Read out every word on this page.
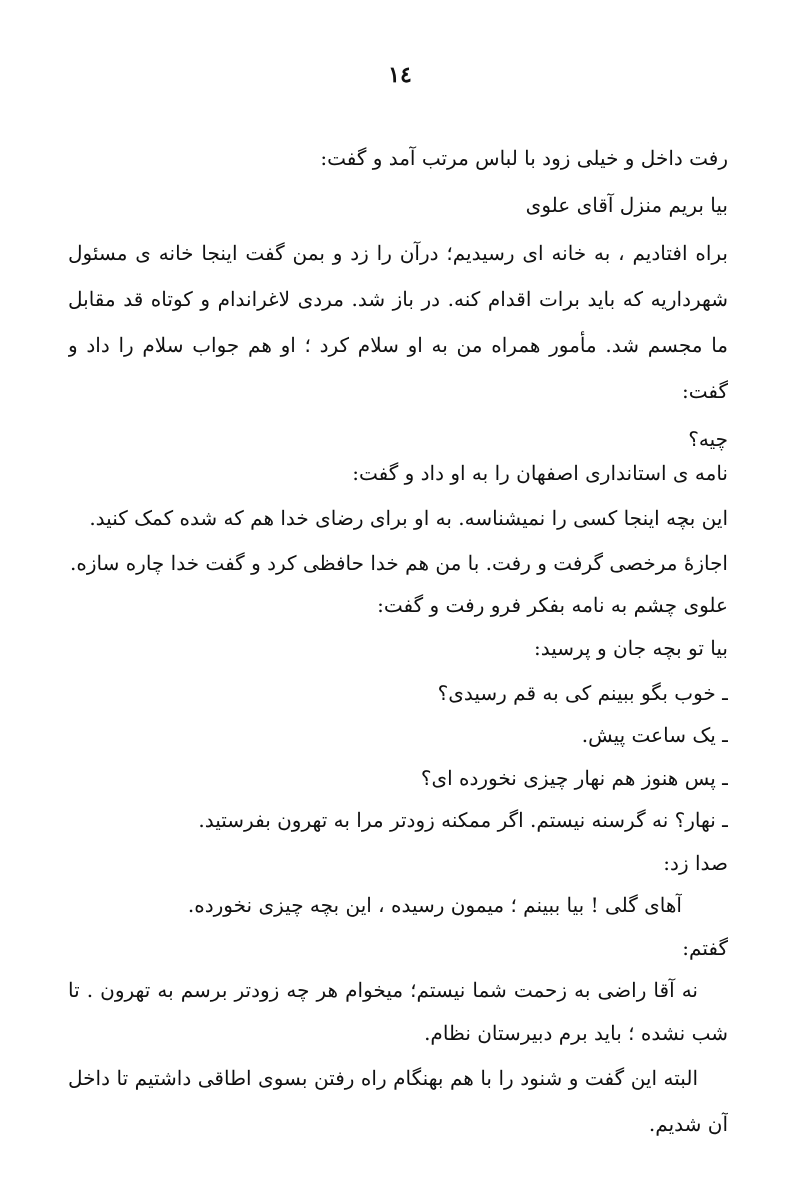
١٤
رفت داخل و خیلی زود با لباس مرتب آمد و گفت:
بیا بریم منزل آقای علوی
براه افتادیم ، به خانه ای رسیدیم؛ درآن را زد و بمن گفت اینجا خانه ی مسئول
شهرداریه که باید برات اقدام کنه. در باز شد. مردی لاغراندام و کوتاه قد مقابل
ما مجسم شد. مأمور همراه من به او سلام کرد ؛ او هم جواب سلام را داد و
گفت:
چیه؟
نامه ی استانداری اصفهان را به او داد و گفت:
این بچه اینجا کسی را نمیشناسه. به او برای رضای خدا هم که شده کمک کنید.
اجازهٔ مرخصی گرفت و رفت. با من هم خدا حافظی کرد و گفت خدا چاره سازه.
علوی چشم به نامه بفکر فرو رفت و گفت:
بیا تو بچه جان و پرسید:
ـ خوب بگو ببینم کی به قم رسیدی؟
ـ یک ساعت پیش.
ـ پس هنوز هم نهار چیزی نخورده ای؟
ـ نهار؟ نه گرسنه نیستم. اگر ممکنه زودتر مرا به تهرون بفرستید.
صدا زد:
آهای گلی ! بیا ببینم ؛ میمون رسیده ، این بچه چیزی نخورده.
گفتم:
نه آقا راضی به زحمت شما نیستم؛ میخوام هر چه زودتر برسم به تهرون . تا
شب نشده ؛ باید برم دبیرستان نظام.
البته این گفت و شنود را با هم بهنگام راه رفتن بسوی اطاقی داشتیم تا داخل
آن شدیم.
